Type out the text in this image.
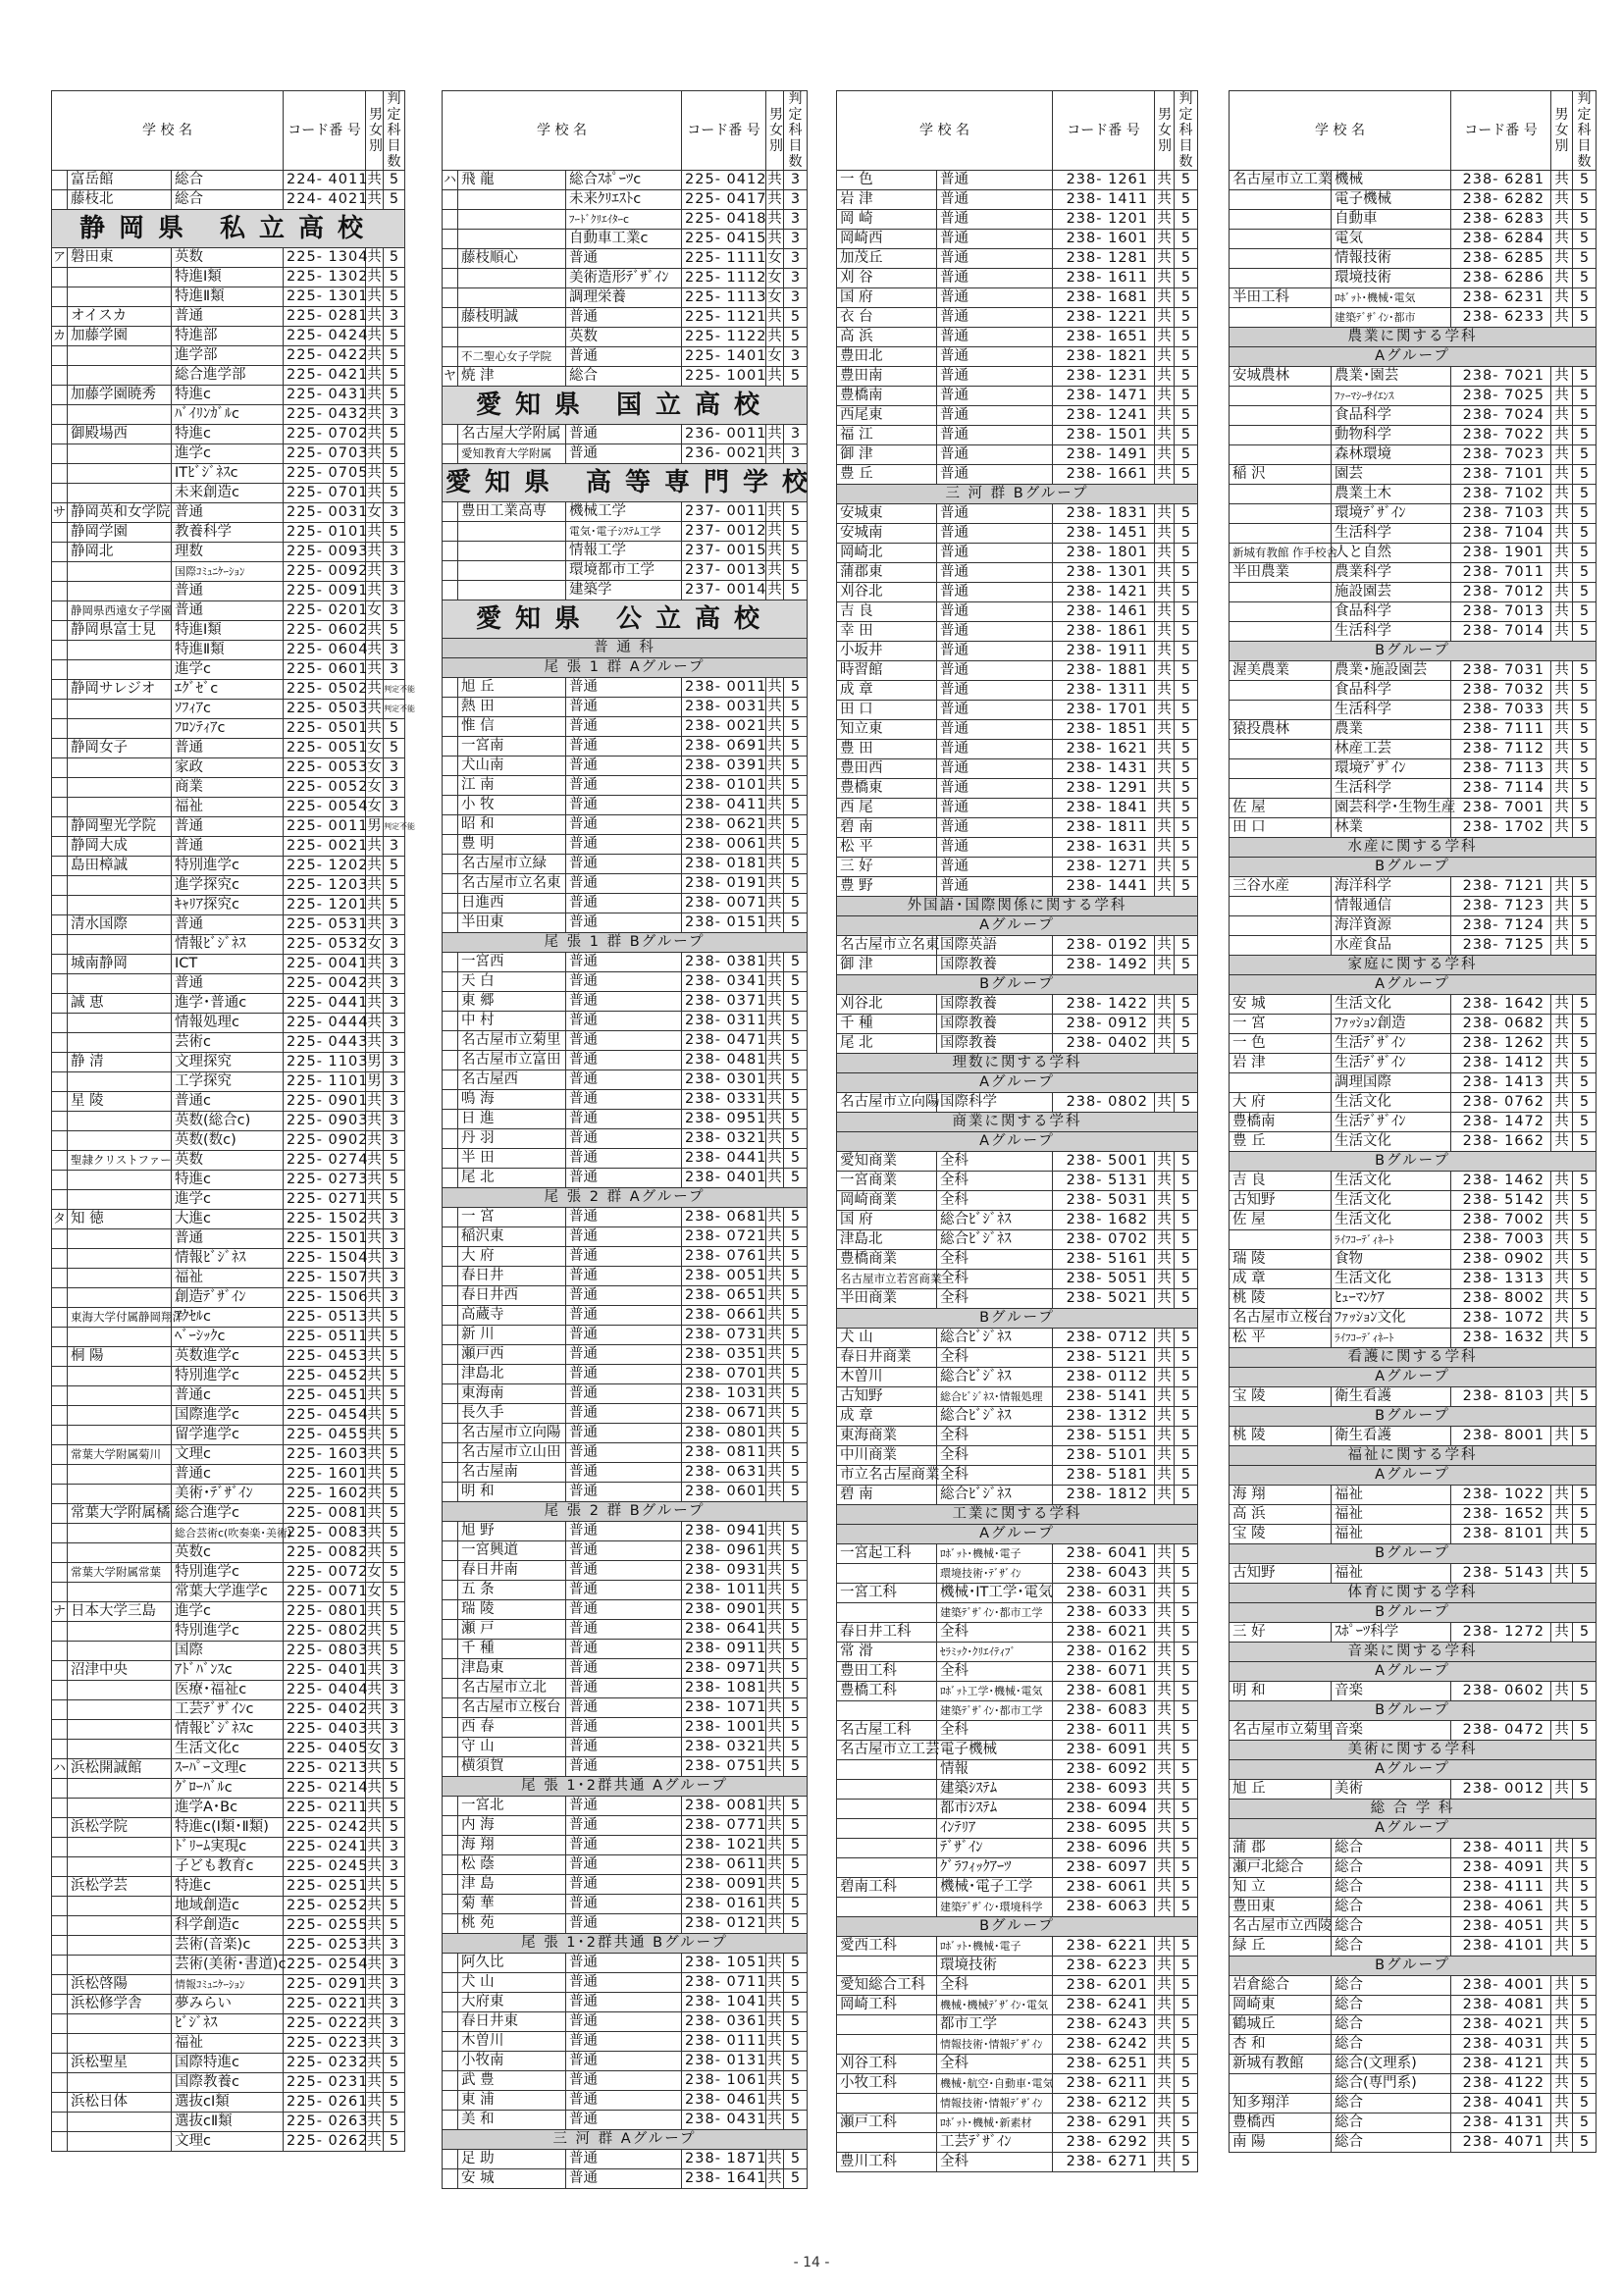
学 校 名			コード番 号	男女別	判定科目数
	富岳館	総合	224- 4011	共	5
	藤枝北	総合	224- 4021	共	5
静岡県 私立高校					
ア	磐田東	英数	225- 1304	共	5
		特進Ⅰ類	225- 1302	共	5
		特進Ⅱ類	225- 1301	共	5
	オイスカ	普通	225- 0281	共	3
カ	加藤学園	特進部	225- 0424	共	5
		進学部	225- 0422	共	5
		総合進学部	225- 0421	共	5
	加藤学園暁秀	特進c	225- 0431	共	5
		ﾊﾞｲﾘﾝｶﾞﾙc	225- 0432	共	3
	御殿場西	特進c	225- 0702	共	5
		進学c	225- 0703	共	5
		ITﾋﾞｼﾞﾈｽc	225- 0705	共	5
		未来創造c	225- 0701	共	5
サ	静岡英和女学院	普通	225- 0031	女	3
	静岡学園	教養科学	225- 0101	共	5
	静岡北	理数	225- 0093	共	3
		国際ｺﾐｭﾆｹｰｼｮﾝ	225- 0092	共	3
		普通	225- 0091	共	3
	静岡県西遠女子学園	普通	225- 0201	女	3
	静岡県富士見	特進Ⅰ類	225- 0602	共	5
		特進Ⅱ類	225- 0604	共	3
		進学c	225- 0601	共	3
	静岡サレジオ	ｴｸﾞｾﾞc	225- 0502	共	判定不能
		ｿﾌｨｱc	225- 0503	共	判定不能
		ﾌﾛﾝﾃｨｱc	225- 0501	共	5
	静岡女子	普通	225- 0051	女	5
		家政	225- 0053	女	3
		商業	225- 0052	女	3
		福祉	225- 0054	女	3
	静岡聖光学院	普通	225- 0011	男	判定不能
	静岡大成	普通	225- 0021	共	3
	島田樟誠	特別進学c	225- 1202	共	5
		進学探究c	225- 1203	共	5
		ｷｬﾘｱ探究c	225- 1201	共	5
	清水国際	普通	225- 0531	共	3
		情報ﾋﾞｼﾞﾈｽ	225- 0532	女	3
	城南静岡	ICT	225- 0041	共	3
		普通	225- 0042	共	3
	誠 恵	進学･普通c	225- 0441	共	3
		情報処理c	225- 0444	共	3
		芸術c	225- 0443	共	3
	静 清	文理探究	225- 1103	男	3
		工学探究	225- 1101	男	3
	星 陵	普通c	225- 0901	共	3
		英数(総合c)	225- 0903	共	3
		英数(数c)	225- 0902	共	3
	聖隷クリストファー	英数	225- 0274	共	5
		特進c	225- 0273	共	5
		進学c	225- 0271	共	5
タ	知 徳	大進c	225- 1502	共	3
		普通	225- 1501	共	3
		情報ﾋﾞｼﾞﾈｽ	225- 1504	共	3
		福祉	225- 1507	共	3
		創造ﾃﾞｻﾞｲﾝ	225- 1506	共	3
	東海大学付属静岡翔洋	ｱｸｾﾙc	225- 0513	共	5
		ﾍﾞｰｼｯｸc	225- 0511	共	5
	桐 陽	英数進学c	225- 0453	共	5
		特別進学c	225- 0452	共	5
		普通c	225- 0451	共	5
		国際進学c	225- 0454	共	5
		留学進学c	225- 0455	共	5
	常葉大学附属菊川	文理c	225- 1603	共	5
		普通c	225- 1601	共	5
		美術･ﾃﾞｻﾞｲﾝ	225- 1602	共	5
	常葉大学附属橘	総合進学c	225- 0081	共	5
		総合芸術c(吹奏楽･美術)	225- 0083	共	5
		英数c	225- 0082	共	5
	常葉大学附属常葉	特別進学c	225- 0072	女	5
		常葉大学進学c	225- 0071	女	5
ナ	日本大学三島	進学c	225- 0801	共	5
		特別進学c	225- 0802	共	5
		国際	225- 0803	共	5
	沼津中央	ｱﾄﾞﾊﾞﾝｽc	225- 0401	共	3
		医療･福祉c	225- 0404	共	3
		工芸ﾃﾞｻﾞｲﾝc	225- 0402	共	3
		情報ﾋﾞｼﾞﾈｽc	225- 0403	共	3
		生活文化c	225- 0405	女	3
ハ	浜松開誠館	ｽｰﾊﾟｰ文理c	225- 0213	共	5
		ｸﾞﾛｰﾊﾞﾙc	225- 0214	共	5
		進学A･Bc	225- 0211	共	5
	浜松学院	特進c(Ⅰ類･Ⅱ類)	225- 0242	共	5
		ﾄﾞﾘｰﾑ実現c	225- 0241	共	3
		子ども教育c	225- 0245	共	3
	浜松学芸	特進c	225- 0251	共	5
		地域創造c	225- 0252	共	5
		科学創造c	225- 0255	共	5
		芸術(音楽)c	225- 0253	共	3
		芸術(美術･書道)c	225- 0254	共	3
	浜松啓陽	情報ｺﾐｭﾆｹｰｼｮﾝ	225- 0291	共	3
	浜松修学舎	夢みらい	225- 0221	共	3
		ﾋﾞｼﾞﾈｽ	225- 0222	共	3
		福祉	225- 0223	共	3
	浜松聖星	国際特進c	225- 0232	共	5
		国際教養c	225- 0231	共	5
	浜松日体	選抜cⅠ類	225- 0261	共	5
		選抜cⅡ類	225- 0263	共	5
		文理c	225- 0262	共	5
学 校 名			コード番 号	男女別	判定科目数
ハ	飛 龍	総合ｽﾎﾟｰﾂc	225- 0412	共	3
		未来ｸﾘｴｽﾄc	225- 0417	共	3
		ﾌｰﾄﾞｸﾘｴｲﾀｰc	225- 0418	共	3
		自動車工業c	225- 0415	共	3
	藤枝順心	普通	225- 1111	女	3
		美術造形ﾃﾞｻﾞｲﾝ	225- 1112	女	3
		調理栄養	225- 1113	女	3
	藤枝明誠	普通	225- 1121	共	5
		英数	225- 1122	共	5
	不二聖心女子学院	普通	225- 1401	女	3
ヤ	焼 津	総合	225- 1001	共	5
愛知県 国立高校					
	名古屋大学附属	普通	236- 0011	共	3
	愛知教育大学附属	普通	236- 0021	共	3
愛知県 高等専門学校					
	豊田工業高専	機械工学	237- 0011	共	5
		電気･電子ｼｽﾃﾑ工学	237- 0012	共	5
		情報工学	237- 0015	共	5
		環境都市工学	237- 0013	共	5
		建築学	237- 0014	共	5
愛知県 公立高校					
普 通 科					
尾 張 1 群 Aグループ					
	旭 丘	普通	238- 0011	共	5
	熱 田	普通	238- 0031	共	5
	惟 信	普通	238- 0021	共	5
	一宮南	普通	238- 0691	共	5
	犬山南	普通	238- 0391	共	5
	江 南	普通	238- 0101	共	5
	小 牧	普通	238- 0411	共	5
	昭 和	普通	238- 0621	共	5
	豊 明	普通	238- 0061	共	5
	名古屋市立緑	普通	238- 0181	共	5
	名古屋市立名東	普通	238- 0191	共	5
	日進西	普通	238- 0071	共	5
	半田東	普通	238- 0151	共	5
尾 張 1 群 Bグループ					
	一宮西	普通	238- 0381	共	5
	天 白	普通	238- 0341	共	5
	東 郷	普通	238- 0371	共	5
	中 村	普通	238- 0311	共	5
	名古屋市立菊里	普通	238- 0471	共	5
	名古屋市立富田	普通	238- 0481	共	5
	名古屋西	普通	238- 0301	共	5
	鳴 海	普通	238- 0331	共	5
	日 進	普通	238- 0951	共	5
	丹 羽	普通	238- 0321	共	5
	半 田	普通	238- 0441	共	5
	尾 北	普通	238- 0401	共	5
尾 張 2 群 Aグループ					
	一 宮	普通	238- 0681	共	5
	稲沢東	普通	238- 0721	共	5
	大 府	普通	238- 0761	共	5
	春日井	普通	238- 0051	共	5
	春日井西	普通	238- 0651	共	5
	高蔵寺	普通	238- 0661	共	5
	新 川	普通	238- 0731	共	5
	瀬戸西	普通	238- 0351	共	5
	津島北	普通	238- 0701	共	5
	東海南	普通	238- 1031	共	5
	長久手	普通	238- 0671	共	5
	名古屋市立向陽	普通	238- 0801	共	5
	名古屋市立山田	普通	238- 0811	共	5
	名古屋南	普通	238- 0631	共	5
	明 和	普通	238- 0601	共	5
尾 張 2 群 Bグループ					
	旭 野	普通	238- 0941	共	5
	一宮興道	普通	238- 0961	共	5
	春日井南	普通	238- 0931	共	5
	五 条	普通	238- 1011	共	5
	瑞 陵	普通	238- 0901	共	5
	瀬 戸	普通	238- 0641	共	5
	千 種	普通	238- 0911	共	5
	津島東	普通	238- 0971	共	5
	名古屋市立北	普通	238- 1081	共	5
	名古屋市立桜台	普通	238- 1071	共	5
	西 春	普通	238- 1001	共	5
	守 山	普通	238- 0321	共	5
	横須賀	普通	238- 0751	共	5
尾 張 1･2群共通 Aグループ					
	一宮北	普通	238- 0081	共	5
	内 海	普通	238- 0771	共	5
	海 翔	普通	238- 1021	共	5
	松 蔭	普通	238- 0611	共	5
	津 島	普通	238- 0091	共	5
	菊 華	普通	238- 0161	共	5
	桃 苑	普通	238- 0121	共	5
尾 張 1･2群共通 Bグループ					
	阿久比	普通	238- 1051	共	5
	犬 山	普通	238- 0711	共	5
	大府東	普通	238- 1041	共	5
	春日井東	普通	238- 0361	共	5
	木曽川	普通	238- 0111	共	5
	小牧南	普通	238- 0131	共	5
	武 豊	普通	238- 1061	共	5
	東 浦	普通	238- 0461	共	5
	美 和	普通	238- 0431	共	5
三 河 群 Aグループ					
	足 助	普通	238- 1871	共	5
	安 城	普通	238- 1641	共	5
学 校 名		コード番 号	男女別	判定科目数
一 色	普通	238- 1261	共	5
岩 津	普通	238- 1411	共	5
岡 崎	普通	238- 1201	共	5
岡崎西	普通	238- 1601	共	5
加茂丘	普通	238- 1281	共	5
刈 谷	普通	238- 1611	共	5
国 府	普通	238- 1681	共	5
衣 台	普通	238- 1221	共	5
高 浜	普通	238- 1651	共	5
豊田北	普通	238- 1821	共	5
豊田南	普通	238- 1231	共	5
豊橋南	普通	238- 1471	共	5
西尾東	普通	238- 1241	共	5
福 江	普通	238- 1501	共	5
御 津	普通	238- 1491	共	5
豊 丘	普通	238- 1661	共	5
三 河 群 Bグループ				
安城東	普通	238- 1831	共	5
安城南	普通	238- 1451	共	5
岡崎北	普通	238- 1801	共	5
蒲郡東	普通	238- 1301	共	5
刈谷北	普通	238- 1421	共	5
吉 良	普通	238- 1461	共	5
幸 田	普通	238- 1861	共	5
小坂井	普通	238- 1911	共	5
時習館	普通	238- 1881	共	5
成 章	普通	238- 1311	共	5
田 口	普通	238- 1701	共	5
知立東	普通	238- 1851	共	5
豊 田	普通	238- 1621	共	5
豊田西	普通	238- 1431	共	5
豊橋東	普通	238- 1291	共	5
西 尾	普通	238- 1841	共	5
碧 南	普通	238- 1811	共	5
松 平	普通	238- 1631	共	5
三 好	普通	238- 1271	共	5
豊 野	普通	238- 1441	共	5
外国語･国際関係に関する学科				
Aグループ				
名古屋市立名東	国際英語	238- 0192	共	5
御 津	国際教養	238- 1492	共	5
Bグループ				
刈谷北	国際教養	238- 1422	共	5
千 種	国際教養	238- 0912	共	5
尾 北	国際教養	238- 0402	共	5
理数に関する学科				
Aグループ				
名古屋市立向陽	国際科学	238- 0802	共	5
商業に関する学科				
Aグループ				
愛知商業	全科	238- 5001	共	5
一宮商業	全科	238- 5131	共	5
岡崎商業	全科	238- 5031	共	5
国 府	総合ﾋﾞｼﾞﾈｽ	238- 1682	共	5
津島北	総合ﾋﾞｼﾞﾈｽ	238- 0702	共	5
豊橋商業	全科	238- 5161	共	5
名古屋市立若宮商業	全科	238- 5051	共	5
半田商業	全科	238- 5021	共	5
Bグループ				
犬 山	総合ﾋﾞｼﾞﾈｽ	238- 0712	共	5
春日井商業	全科	238- 5121	共	5
木曽川	総合ﾋﾞｼﾞﾈｽ	238- 0112	共	5
古知野	総合ﾋﾞｼﾞﾈｽ･情報処理	238- 5141	共	5
成 章	総合ﾋﾞｼﾞﾈｽ	238- 1312	共	5
東海商業	全科	238- 5151	共	5
中川商業	全科	238- 5101	共	5
市立名古屋商業	全科	238- 5181	共	5
碧 南	総合ﾋﾞｼﾞﾈｽ	238- 1812	共	5
工業に関する学科				
Aグループ				
一宮起工科	ﾛﾎﾞｯﾄ･機械･電子	238- 6041	共	5
	環境技術･ﾃﾞｻﾞｲﾝ	238- 6043	共	5
一宮工科	機械･IT工学･電気	238- 6031	共	5
	建築ﾃﾞｻﾞｲﾝ･都市工学	238- 6033	共	5
春日井工科	全科	238- 6021	共	5
常 滑	ｾﾗﾐｯｸ･ｸﾘｴｲﾃｨﾌﾞ	238- 0162	共	5
豊田工科	全科	238- 6071	共	5
豊橋工科	ﾛﾎﾞｯﾄ工学･機械･電気	238- 6081	共	5
	建築ﾃﾞｻﾞｲﾝ･都市工学	238- 6083	共	5
名古屋工科	全科	238- 6011	共	5
名古屋市立工芸	電子機械	238- 6091	共	5
	情報	238- 6092	共	5
	建築ｼｽﾃﾑ	238- 6093	共	5
	都市ｼｽﾃﾑ	238- 6094	共	5
	ｲﾝﾃﾘｱ	238- 6095	共	5
	ﾃﾞｻﾞｲﾝ	238- 6096	共	5
	ｸﾞﾗﾌｨｯｸｱｰﾂ	238- 6097	共	5
碧南工科	機械･電子工学	238- 6061	共	5
	建築ﾃﾞｻﾞｲﾝ･環境科学	238- 6063	共	5
Bグループ				
愛西工科	ﾛﾎﾞｯﾄ･機械･電子	238- 6221	共	5
	環境技術	238- 6223	共	5
愛知総合工科	全科	238- 6201	共	5
岡崎工科	機械･機械ﾃﾞｻﾞｲﾝ･電気	238- 6241	共	5
	都市工学	238- 6243	共	5
	情報技術･情報ﾃﾞｻﾞｲﾝ	238- 6242	共	5
刈谷工科	全科	238- 6251	共	5
小牧工科	機械･航空･自動車･電気	238- 6211	共	5
	情報技術･情報ﾃﾞｻﾞｲﾝ	238- 6212	共	5
瀬戸工科	ﾛﾎﾞｯﾄ･機械･新素材	238- 6291	共	5
	工芸ﾃﾞｻﾞｲﾝ	238- 6292	共	5
豊川工科	全科	238- 6271	共	5
学 校 名		コード番 号	男女別	判定科目数
名古屋市立工業	機械	238- 6281	共	5
	電子機械	238- 6282	共	5
	自動車	238- 6283	共	5
	電気	238- 6284	共	5
	情報技術	238- 6285	共	5
	環境技術	238- 6286	共	5
半田工科	ﾛﾎﾞｯﾄ･機械･電気	238- 6231	共	5
	建築ﾃﾞｻﾞｲﾝ･都市	238- 6233	共	5
農業に関する学科				
Aグループ				
安城農林	農業･園芸	238- 7021	共	5
	ﾌｧｰﾏｼｰｻｲｴﾝｽ	238- 7025	共	5
	食品科学	238- 7024	共	5
	動物科学	238- 7022	共	5
	森林環境	238- 7023	共	5
稲 沢	園芸	238- 7101	共	5
	農業土木	238- 7102	共	5
	環境ﾃﾞｻﾞｲﾝ	238- 7103	共	5
	生活科学	238- 7104	共	5
新城有教館 作手校舎	人と自然	238- 1901	共	5
半田農業	農業科学	238- 7011	共	5
	施設園芸	238- 7012	共	5
	食品科学	238- 7013	共	5
	生活科学	238- 7014	共	5
Bグループ				
渥美農業	農業･施設園芸	238- 7031	共	5
	食品科学	238- 7032	共	5
	生活科学	238- 7033	共	5
猿投農林	農業	238- 7111	共	5
	林産工芸	238- 7112	共	5
	環境ﾃﾞｻﾞｲﾝ	238- 7113	共	5
	生活科学	238- 7114	共	5
佐 屋	園芸科学･生物生産	238- 7001	共	5
田 口	林業	238- 1702	共	5
水産に関する学科				
Bグループ				
三谷水産	海洋科学	238- 7121	共	5
	情報通信	238- 7123	共	5
	海洋資源	238- 7124	共	5
	水産食品	238- 7125	共	5
家庭に関する学科				
Aグループ				
安 城	生活文化	238- 1642	共	5
一 宮	ﾌｧｯｼｮﾝ創造	238- 0682	共	5
一 色	生活ﾃﾞｻﾞｲﾝ	238- 1262	共	5
岩 津	生活ﾃﾞｻﾞｲﾝ	238- 1412	共	5
	調理国際	238- 1413	共	5
大 府	生活文化	238- 0762	共	5
豊橋南	生活ﾃﾞｻﾞｲﾝ	238- 1472	共	5
豊 丘	生活文化	238- 1662	共	5
Bグループ				
吉 良	生活文化	238- 1462	共	5
古知野	生活文化	238- 5142	共	5
佐 屋	生活文化	238- 7002	共	5
	ﾗｲﾌｺｰﾃﾞｨﾈｰﾄ	238- 7003	共	5
瑞 陵	食物	238- 0902	共	5
成 章	生活文化	238- 1313	共	5
桃 陵	ﾋｭｰﾏﾝｹｱ	238- 8002	共	5
名古屋市立桜台	ﾌｧｯｼｮﾝ文化	238- 1072	共	5
松 平	ﾗｲﾌｺｰﾃﾞｨﾈｰﾄ	238- 1632	共	5
看護に関する学科				
Aグループ				
宝 陵	衛生看護	238- 8103	共	5
Bグループ				
桃 陵	衛生看護	238- 8001	共	5
福祉に関する学科				
Aグループ				
海 翔	福祉	238- 1022	共	5
高 浜	福祉	238- 1652	共	5
宝 陵	福祉	238- 8101	共	5
Bグループ				
古知野	福祉	238- 5143	共	5
体育に関する学科				
Bグループ				
三 好	ｽﾎﾟｰﾂ科学	238- 1272	共	5
音楽に関する学科				
Aグループ				
明 和	音楽	238- 0602	共	5
Bグループ				
名古屋市立菊里	音楽	238- 0472	共	5
美術に関する学科				
Aグループ				
旭 丘	美術	238- 0012	共	5
総 合 学 科				
Aグループ				
蒲 郡	総合	238- 4011	共	5
瀬戸北総合	総合	238- 4091	共	5
知 立	総合	238- 4111	共	5
豊田東	総合	238- 4061	共	5
名古屋市立西陵	総合	238- 4051	共	5
緑 丘	総合	238- 4101	共	5
Bグループ				
岩倉総合	総合	238- 4001	共	5
岡崎東	総合	238- 4081	共	5
鶴城丘	総合	238- 4021	共	5
杏 和	総合	238- 4031	共	5
新城有教館	総合(文理系)	238- 4121	共	5
	総合(専門系)	238- 4122	共	5
知多翔洋	総合	238- 4041	共	5
豊橋西	総合	238- 4131	共	5
南 陽	総合	238- 4071	共	5
- 14 -
